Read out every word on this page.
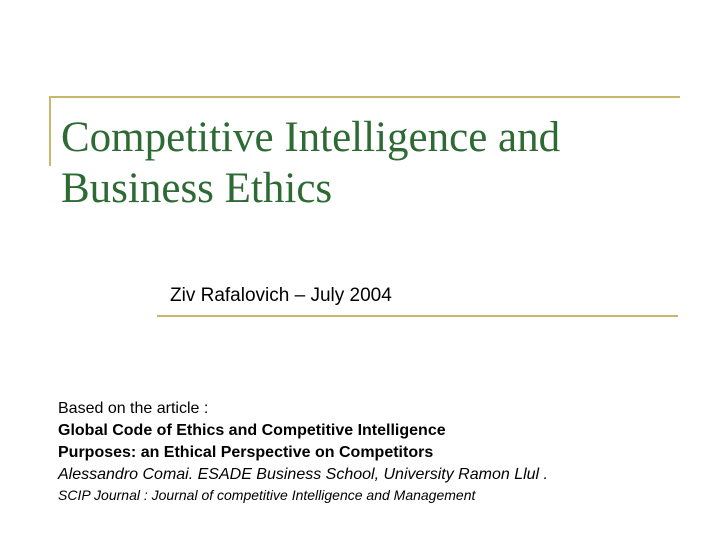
Competitive Intelligence and Business Ethics
Ziv Rafalovich – July 2004
Based on the article :
Global Code of Ethics and Competitive Intelligence
Purposes: an Ethical Perspective on Competitors
Alessandro Comai. ESADE Business School, University Ramon Llul .
SCIP Journal : Journal of competitive Intelligence and Management
